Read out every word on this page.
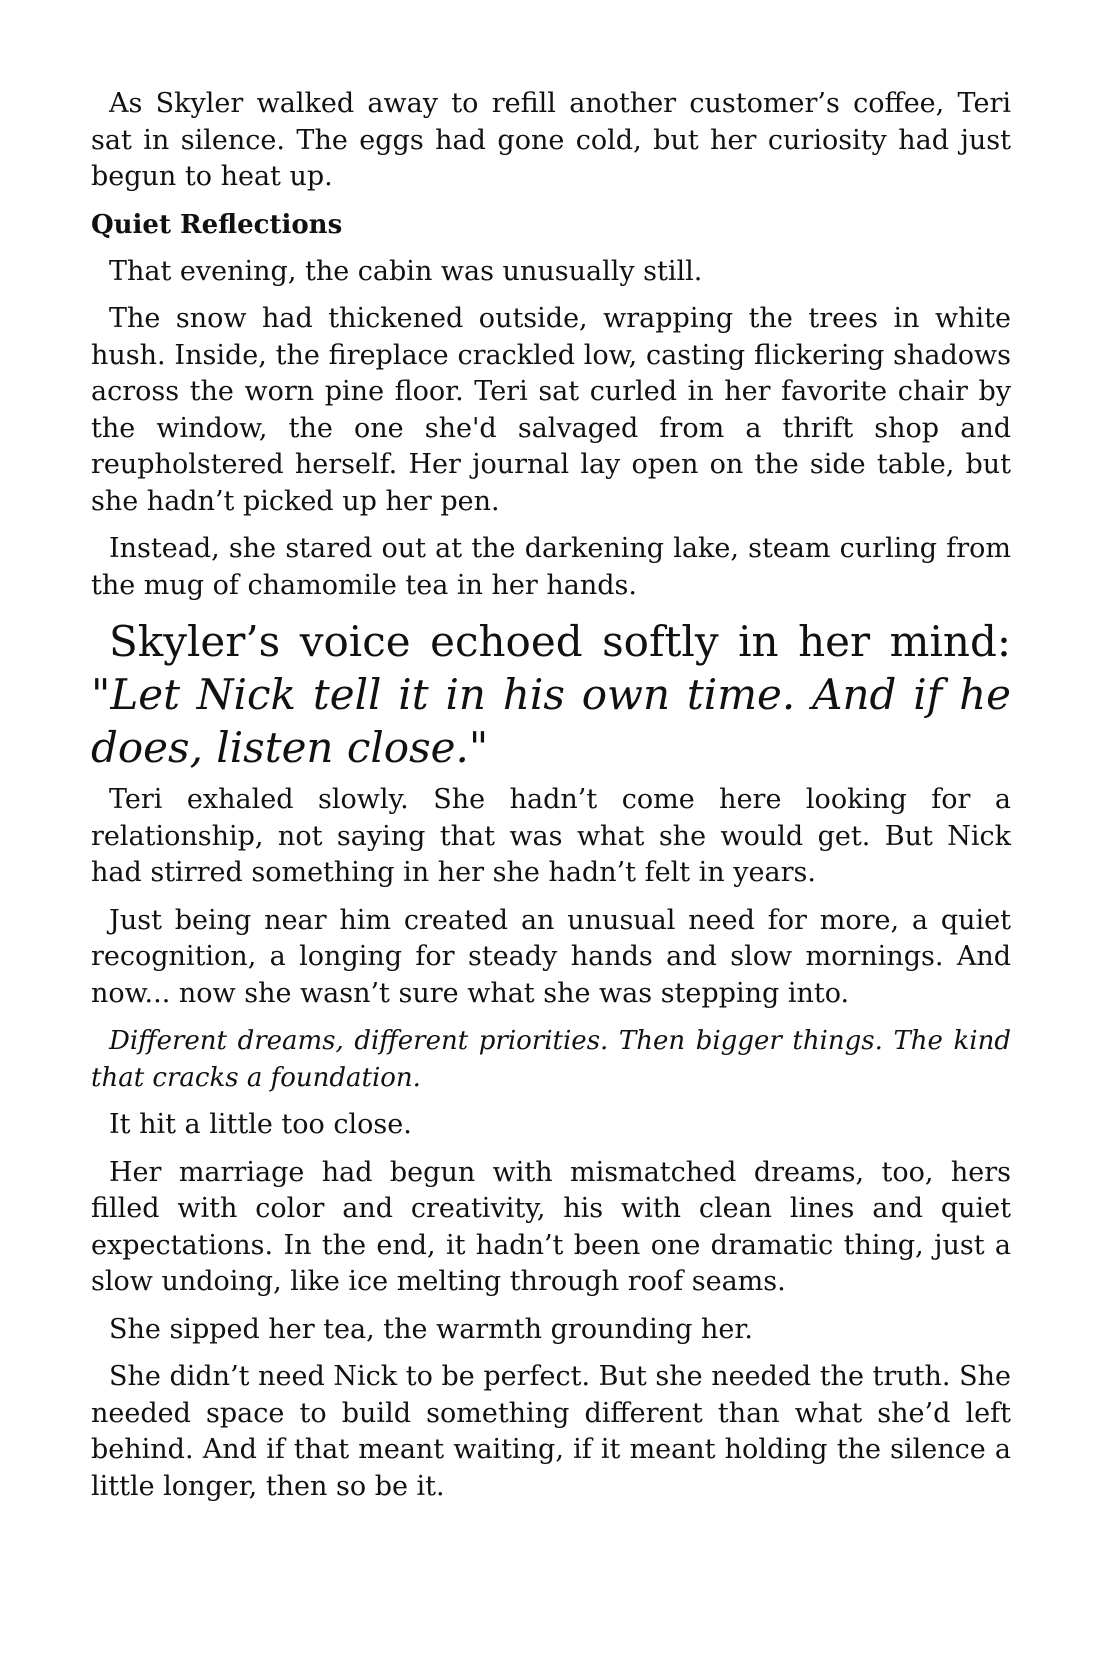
As Skyler walked away to refill another customer’s coffee, Teri sat in silence. The eggs had gone cold, but her curiosity had just begun to heat up.

Quiet Reflections

That evening, the cabin was unusually still.

The snow had thickened outside, wrapping the trees in white hush. Inside, the fireplace crackled low, casting flickering shadows across the worn pine floor. Teri sat curled in her favorite chair by the window, the one she'd salvaged from a thrift shop and reupholstered herself. Her journal lay open on the side table, but she hadn’t picked up her pen.

Instead, she stared out at the darkening lake, steam curling from the mug of chamomile tea in her hands.

Skyler’s voice echoed softly in her mind: "Let Nick tell it in his own time. And if he does, listen close."

Teri exhaled slowly. She hadn’t come here looking for a relationship, not saying that was what she would get. But Nick had stirred something in her she hadn’t felt in years.

Just being near him created an unusual need for more, a quiet recognition, a longing for steady hands and slow mornings. And now... now she wasn’t sure what she was stepping into.

Different dreams, different priorities. Then bigger things. The kind that cracks a foundation.

It hit a little too close.

Her marriage had begun with mismatched dreams, too, hers filled with color and creativity, his with clean lines and quiet expectations. In the end, it hadn’t been one dramatic thing, just a slow undoing, like ice melting through roof seams.

She sipped her tea, the warmth grounding her.

She didn’t need Nick to be perfect. But she needed the truth. She needed space to build something different than what she’d left behind. And if that meant waiting, if it meant holding the silence a little longer, then so be it.
